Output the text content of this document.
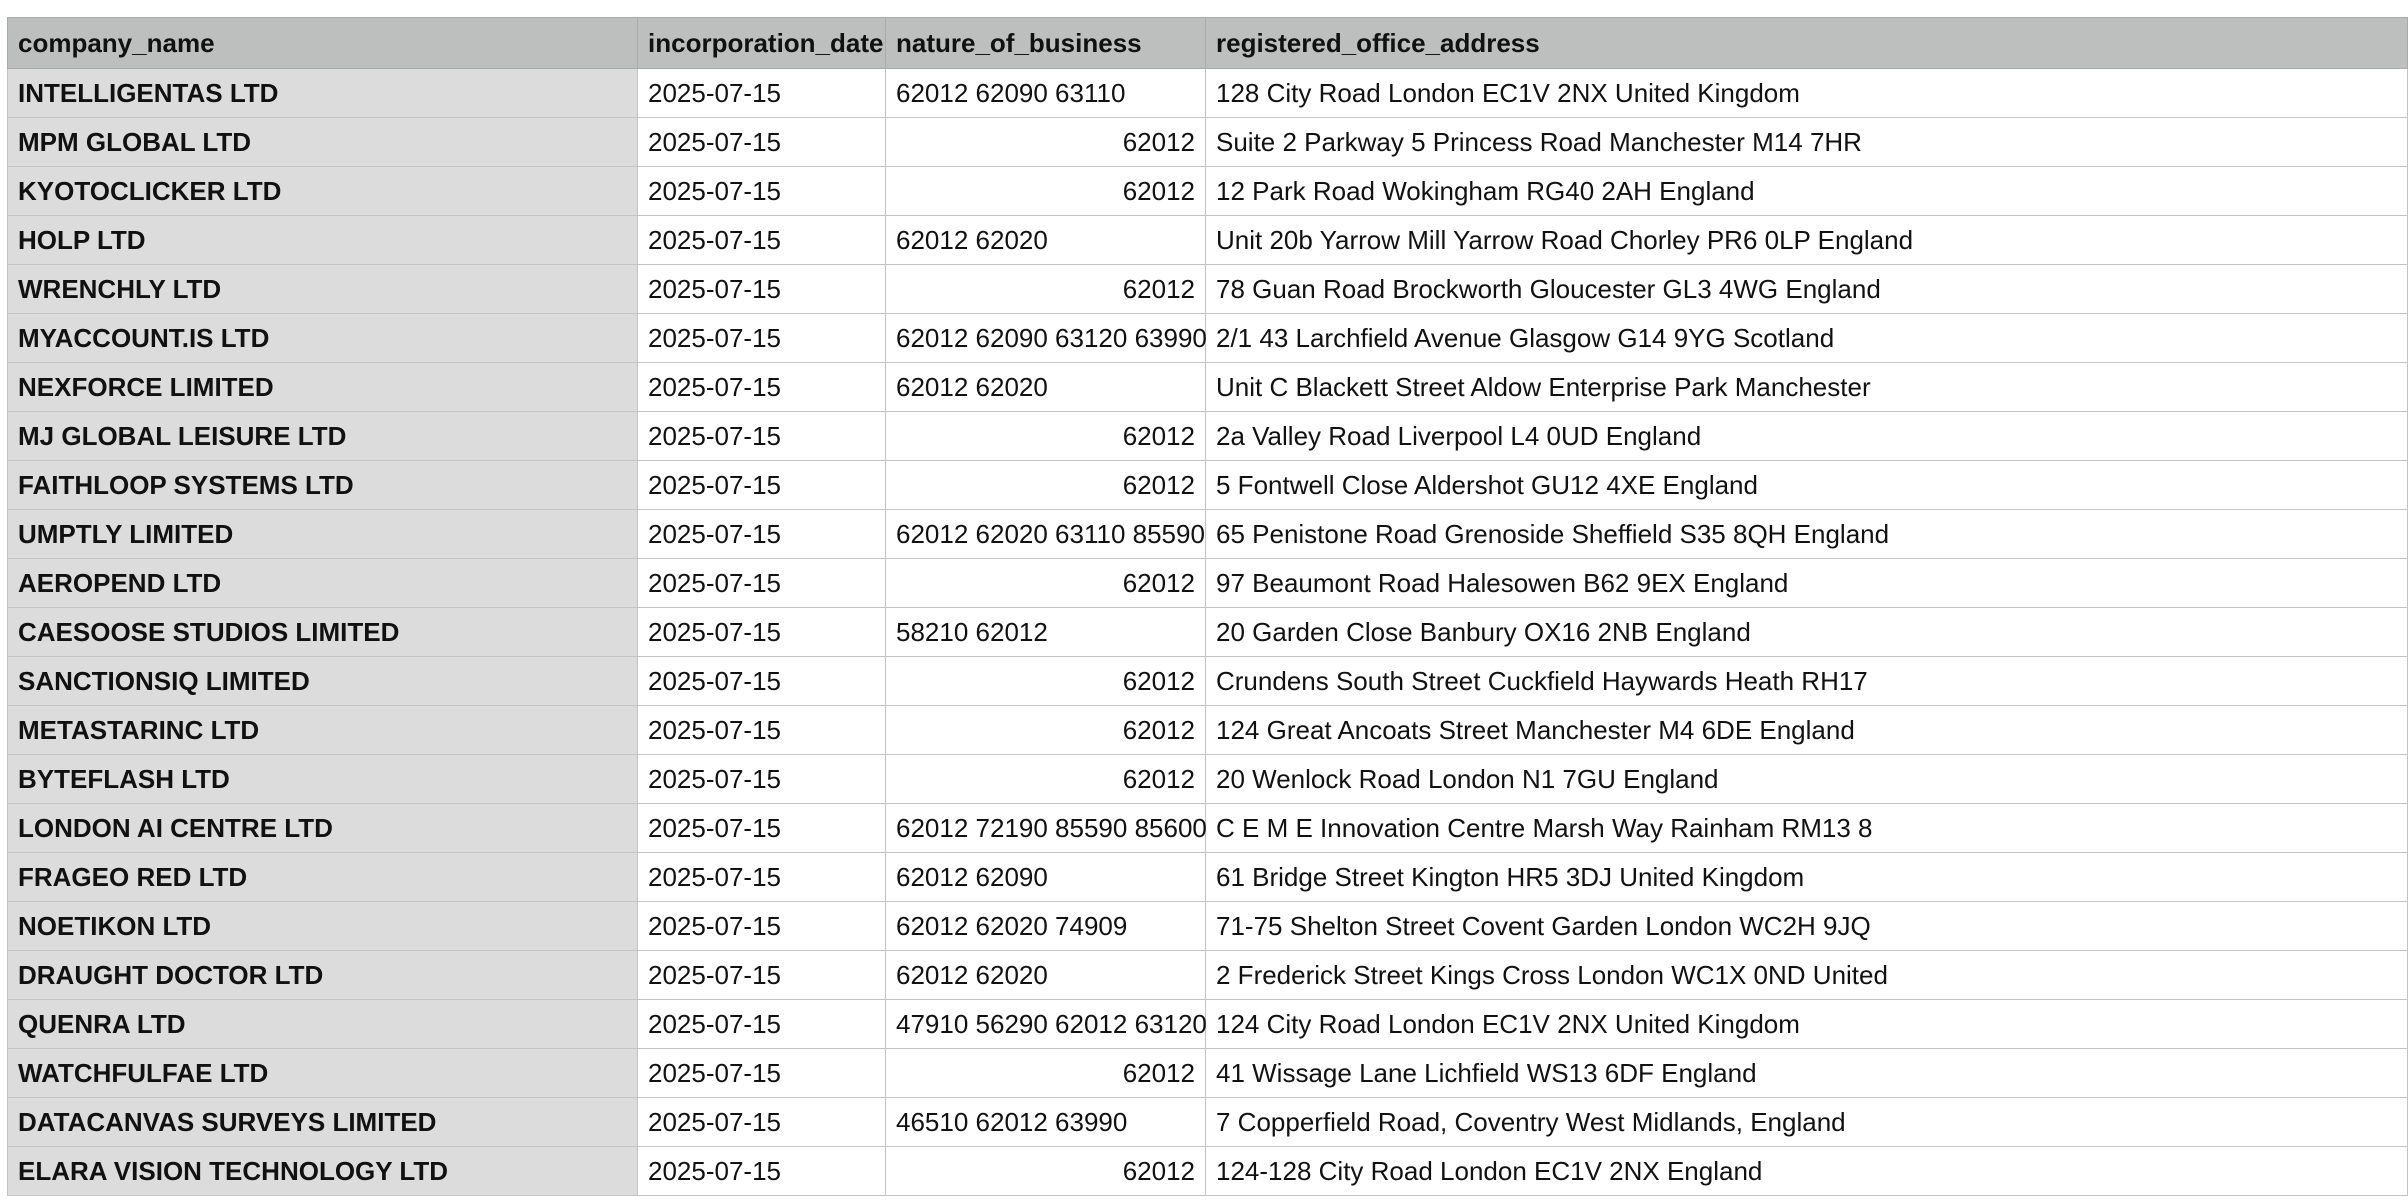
company_name	incorporation_date	nature_of_business	registered_office_address
INTELLIGENTAS LTD	2025-07-15	62012 62090 63110	128 City Road London EC1V 2NX United Kingdom
MPM GLOBAL LTD	2025-07-15	62012	Suite 2 Parkway 5 Princess Road Manchester M14 7HR
KYOTOCLICKER LTD	2025-07-15	62012	12 Park Road Wokingham RG40 2AH England
HOLP LTD	2025-07-15	62012 62020	Unit 20b Yarrow Mill Yarrow Road Chorley PR6 0LP England
WRENCHLY LTD	2025-07-15	62012	78 Guan Road Brockworth Gloucester GL3 4WG England
MYACCOUNT.IS LTD	2025-07-15	62012 62090 63120 63990	2/1 43 Larchfield Avenue Glasgow G14 9YG Scotland
NEXFORCE LIMITED	2025-07-15	62012 62020	Unit C Blackett Street Aldow Enterprise Park Manchester
MJ GLOBAL LEISURE LTD	2025-07-15	62012	2a Valley Road Liverpool L4 0UD England
FAITHLOOP SYSTEMS LTD	2025-07-15	62012	5 Fontwell Close Aldershot GU12 4XE England
UMPTLY LIMITED	2025-07-15	62012 62020 63110 85590	65 Penistone Road Grenoside Sheffield S35 8QH England
AEROPEND LTD	2025-07-15	62012	97 Beaumont Road Halesowen B62 9EX England
CAESOOSE STUDIOS LIMITED	2025-07-15	58210 62012	20 Garden Close Banbury OX16 2NB England
SANCTIONSIQ LIMITED	2025-07-15	62012	Crundens South Street Cuckfield Haywards Heath RH17
METASTARINC LTD	2025-07-15	62012	124 Great Ancoats Street Manchester M4 6DE England
BYTEFLASH LTD	2025-07-15	62012	20 Wenlock Road London N1 7GU England
LONDON AI CENTRE LTD	2025-07-15	62012 72190 85590 85600	C E M E Innovation Centre Marsh Way Rainham RM13 8
FRAGEO RED LTD	2025-07-15	62012 62090	61 Bridge Street Kington HR5 3DJ United Kingdom
NOETIKON LTD	2025-07-15	62012 62020 74909	71-75 Shelton Street Covent Garden London WC2H 9JQ
DRAUGHT DOCTOR LTD	2025-07-15	62012 62020	2 Frederick Street Kings Cross London WC1X 0ND United
QUENRA LTD	2025-07-15	47910 56290 62012 63120	124 City Road London EC1V 2NX United Kingdom
WATCHFULFAE LTD	2025-07-15	62012	41 Wissage Lane Lichfield WS13 6DF England
DATACANVAS SURVEYS LIMITED	2025-07-15	46510 62012 63990	7 Copperfield Road, Coventry West Midlands, England
ELARA VISION TECHNOLOGY LTD	2025-07-15	62012	124-128 City Road London EC1V 2NX England
